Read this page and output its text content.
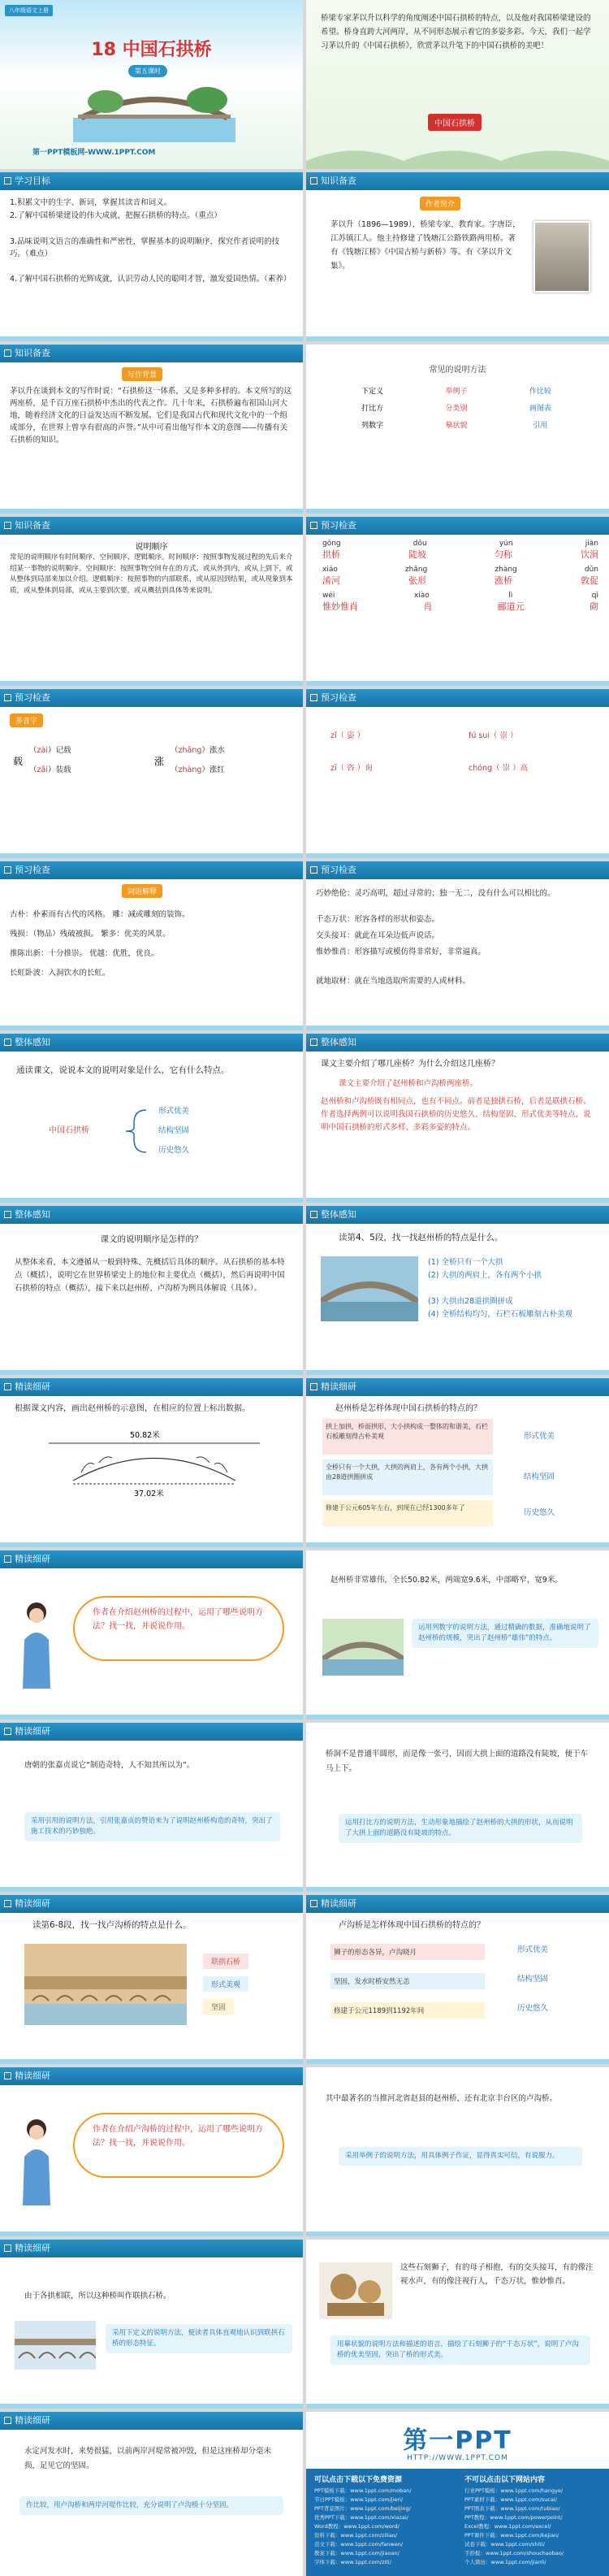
八年级语文上册
18 中国石拱桥
第五课时
第一PPT模板网-WWW.1PPT.COM
桥梁专家茅以升以科学的角度阐述中国石拱桥的特点，以及他对我国桥梁建设的希望。桥身直跨大河两岸，从不同形态展示着它的多姿多彩。今天，我们一起学习茅以升的《中国石拱桥》，欣赏茅以升笔下的中国石拱桥的美吧！
中国石拱桥
学习目标
1.积累文中的生字、新词，掌握其读音和词义。
2.了解中国桥梁建设的伟大成就，把握石拱桥的特点。（重点）
3.品味说明文语言的准确性和严密性，掌握基本的说明顺序，探究作者说明的技巧。（难点）
4.了解中国石拱桥的光辉成就，认识劳动人民的聪明才智，激发爱国热情。（素养）
知识备查
作者简介
茅以升（1896—1989），桥梁专家、教育家。字唐臣，江苏镇江人。他主持修建了钱塘江公路铁路两用桥。著有《钱塘江桥》《中国古桥与新桥》等。有《茅以升文集》。
知识备查
写作背景
茅以升在谈到本文的写作时说：“石拱桥这一体系，又是多种多样的。本文所写的这两座桥，是千百万座石拱桥中杰出的代表之作。几十年来，石拱桥遍布祖国山河大地，随着经济文化的日益发达而不断发展。它们是我国古代和现代文化中的一个组成部分，在世界上曾享有很高的声誉。”从中可看出他写作本文的意图——传播有关石拱桥的知识。
常见的说明方法
下定义	举例子	作比较
打比方	分类别	画图表
列数字	摹状貌	引用
知识备查
说明顺序
常见的说明顺序有时间顺序、空间顺序、逻辑顺序。时间顺序：按照事物发展过程的先后来介绍某一事物的说明顺序。空间顺序：按照事物空间存在的方式，或从外到内，或从上到下，或从整体到局部来加以介绍。逻辑顺序：按照事物的内部联系，或从原因到结果，或从现象到本质，或从整体到局部，或从主要到次要，或从概括到具体等来说明。
预习检查
gǒng	dōu	yún	jiàn
拱桥	陡坡	匀称	饮涧
xiáo	zhāng	zhàng	dǔn
淆河	张形	涨桥	敦促
wéi	xiào	lì	qì
惟妙惟肖	肖	郦道元	砌
预习检查
多音字
载
（zài）记载
（zǎi）装载
涨
（zhǎng）涨水
（zhàng）涨红
预习检查
zǐ（ 姿 ）	fú sui（ 崇 ）
zī（ 咨 ）询	chóng（ 崇 ）高
预习检查
词语解释
古朴：朴素而有古代的风格。 雕：减或雕刻的装饰。
残损：（物品）残破被损。 繁多：优美的风景。
推陈出新：十分推崇。 优越：优胜，优良。
长虹卧波：入洞饮水的长虹。
预习检查
巧妙绝伦：灵巧高明，超过寻常的；独一无二，没有什么可以相比的。
千态万状：形容各样的形状和姿态。
交头接耳：就此在耳朵边低声说话。
惟妙惟肖：形容描写或模仿得非常好，非常逼真。
就地取材：就在当地选取所需要的人或材料。
整体感知
通读课文，说说本文的说明对象是什么，它有什么特点。
中国石拱桥
形式优美
结构坚固
历史悠久
整体感知
课文主要介绍了哪几座桥？为什么介绍这几座桥？
课文主要介绍了赵州桥和卢沟桥两座桥。
赵州桥和卢沟桥既有相同点，也有不同点。前者是独拱石桥，后者是联拱石桥。作者选择两例可以说明我国石拱桥的历史悠久、结构坚固、形式优美等特点，说明中国石拱桥的形式多样、多彩多姿的特点。
整体感知
课文的说明顺序是怎样的？
从整体来看，本文遵循从一般到特殊、先概括后具体的顺序。从石拱桥的基本特点（概括），说明它在世界桥梁史上的地位和主要优点（概括），然后再说明中国石拱桥的特点（概括），接下来以赵州桥、卢沟桥为例具体解说（具体）。
整体感知
读第4、5段，找一找赵州桥的特点是什么。
(1) 全桥只有一个大拱
(2) 大拱的两肩上，各有两个小拱
(3) 大拱由28道拱圈拼成
(4) 全桥结构均匀，石栏石板雕刻古朴美观
精读细研
根据课文内容，画出赵州桥的示意图，在相应的位置上标出数据。
50.82米
37.02米
精读细研
赵州桥是怎样体现中国石拱桥的特点的？
拱上加拱，桥面拱形，大小拱构成一整体的和谐美，石栏石板雕刻得古朴美观
全桥只有一个大拱，大拱的两肩上，各有两个小拱，大拱由28道拱圈拼成
修建于公元605年左右，到现在已经1300多年了
形式优美
结构坚固
历史悠久
精读细研
作者在介绍赵州桥的过程中，运用了哪些说明方法？找一找，并说说作用。
赵州桥非常雄伟，全长50.82米，两端宽9.6米，中部略窄，宽9米。
运用列数字的说明方法，通过精确的数据，准确地说明了赵州桥的规模，突出了赵州桥“雄伟”的特点。
精读细研
唐朝的张嘉贞说它“制造奇特，人不知其所以为”。
采用引用的说明方法，引用张嘉贞的赞语来为了说明赵州桥构造的奇特，突出了施工技术的巧妙独绝。
桥洞不是普通半圆形，而是像一张弓，因而大拱上面的道路没有陡坡，便于车马上下。
运用打比方的说明方法，生动形象地描绘了赵州桥的大拱的形状，从而说明了大拱上面的道路没有陡坡的特点。
精读细研
读第6-8段，找一找卢沟桥的特点是什么。
联拱石桥
形式美观
坚固
精读细研
卢沟桥是怎样体现中国石拱桥的特点的？
狮子的形态各异，卢沟晓月
坚固，发水时桥安然无恙
修建于公元1189到1192年间
形式优美
结构坚固
历史悠久
精读细研
作者在介绍卢沟桥的过程中，运用了哪些说明方法？找一找，并说说作用。
其中最著名的当推河北省赵县的赵州桥，还有北京丰台区的卢沟桥。
采用举例子的说明方法，用具体例子作证，显得真实可信，有说服力。
精读细研
由于各拱相联，所以这种桥叫作联拱石桥。
采用下定义的说明方法，便读者具体直观地认识到联拱石桥的形态特征。
这些石刻狮子，有的母子相抱，有的交头接耳，有的像注视水声，有的像注视行人，千态万状，惟妙惟肖。
用摹状貌的说明方法和描述的语言，描绘了石刻狮子的“千态万状”，说明了卢沟桥的优美坚固，突出了桥的形式美。
精读细研
永定河发水时，来势很猛，以前两岸河堤常被冲毁，但是这座桥却分毫未损，足见它的坚固。
作比较，用卢沟桥和两岸河堤作比较，充分说明了卢沟桥十分坚固。
第一PPT
HTTP://WWW.1PPT.COM
可以点击下载以下免费资源	不可以点击以下网站内容
PPT模板下载：www.1ppt.com/moban/
节日PPT模板：www.1ppt.com/jieri/
PPT背景图片：www.1ppt.com/beijing/
优秀PPT下载：www.1ppt.com/xiazai/
Word教程：www.1ppt.com/word/
资料下载：www.1ppt.com/ziliao/
范文下载：www.1ppt.com/fanwen/
教案下载：www.1ppt.com/jiaoan/
字体下载：www.1ppt.com/ziti/
行业PPT模板：www.1ppt.com/hangye/
PPT素材下载：www.1ppt.com/sucai/
PPT图表下载：www.1ppt.com/tubiao/
PPT教程：www.1ppt.com/powerpoint/
Excel教程：www.1ppt.com/excel/
PPT课件下载：www.1ppt.com/kejian/
试卷下载：www.1ppt.com/shiti/
手抄报：www.1ppt.com/shouchaobao/
个人简历：www.1ppt.com/jianli/
